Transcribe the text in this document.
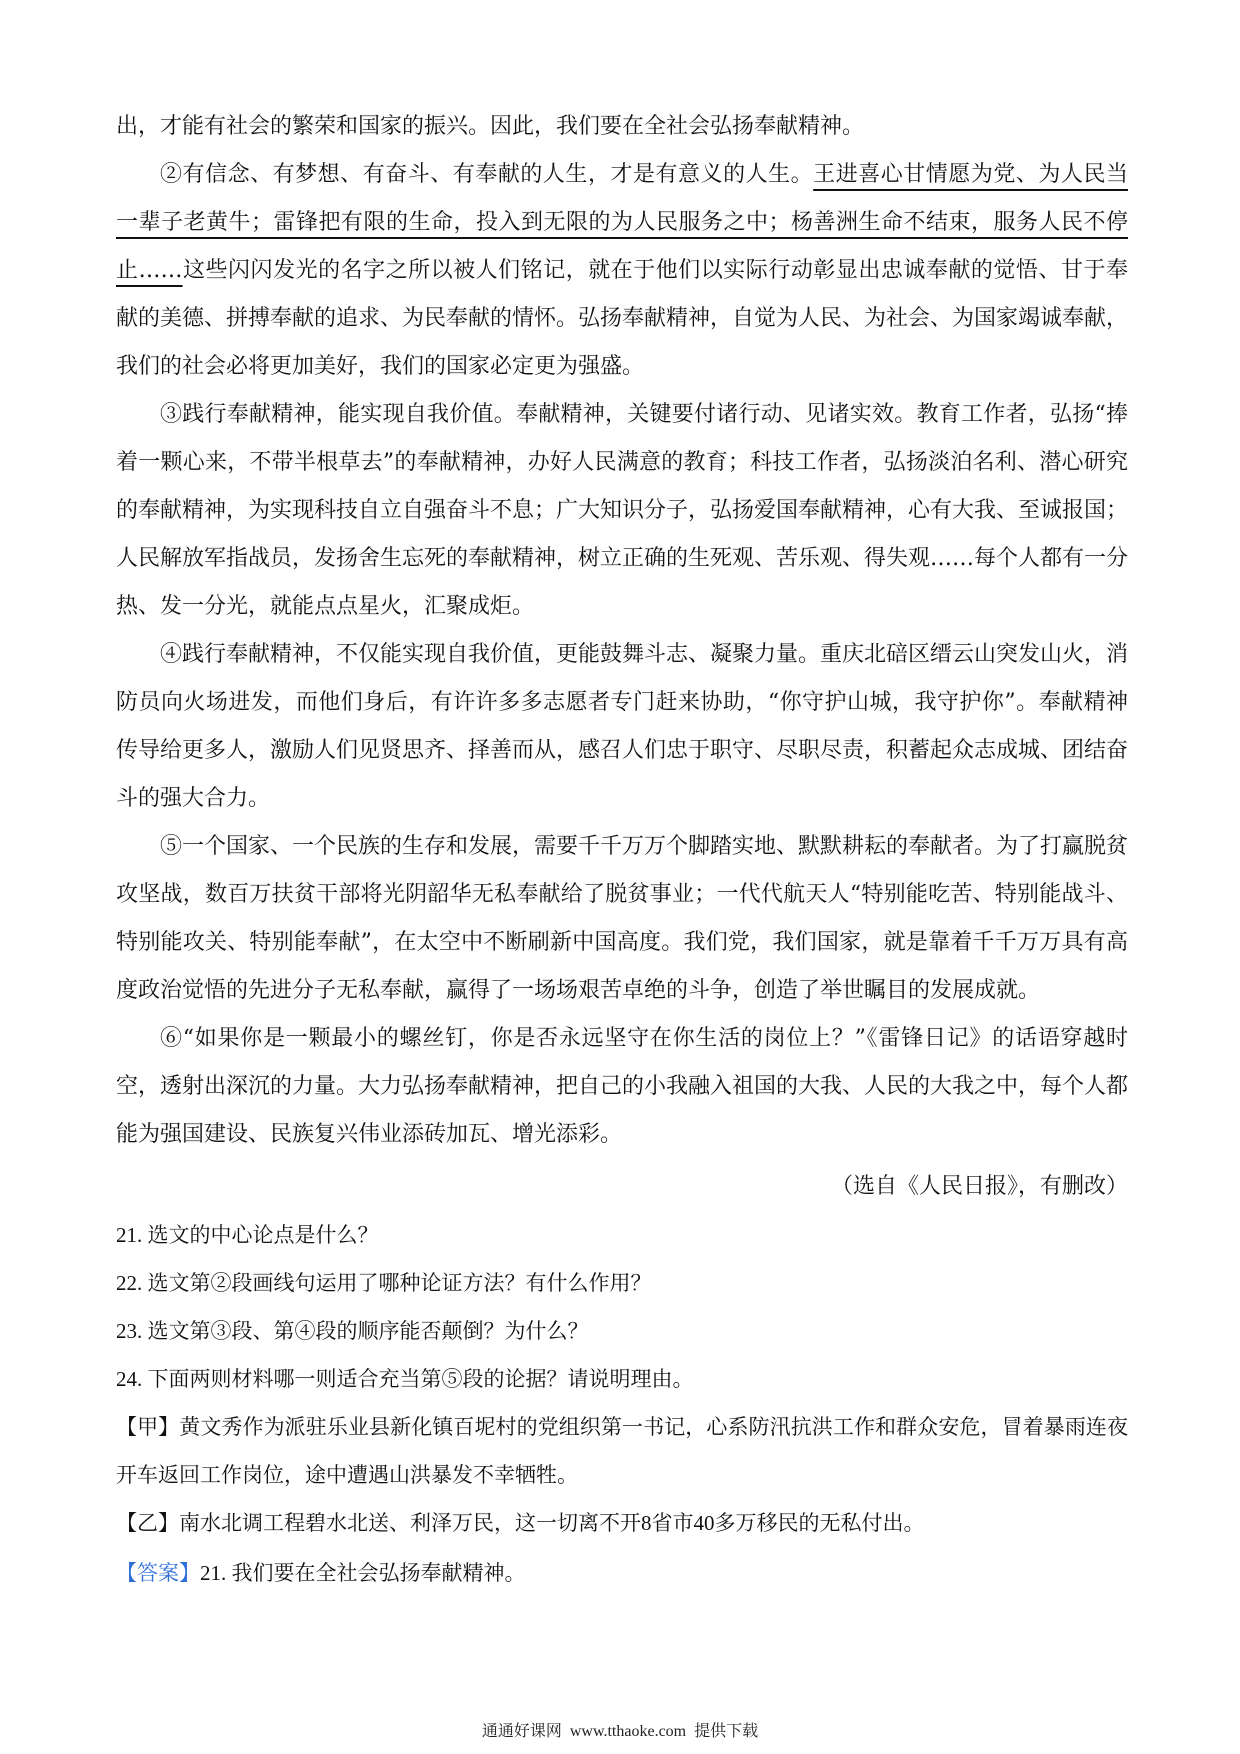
出，才能有社会的繁荣和国家的振兴。因此，我们要在全社会弘扬奉献精神。

②有信念、有梦想、有奋斗、有奉献的人生，才是有意义的人生。王进喜心甘情愿为党、为人民当一辈子老黄牛；雷锋把有限的生命，投入到无限的为人民服务之中；杨善洲生命不结束，服务人民不停止……这些闪闪发光的名字之所以被人们铭记，就在于他们以实际行动彰显出忠诚奉献的觉悟、甘于奉献的美德、拼搏奉献的追求、为民奉献的情怀。弘扬奉献精神，自觉为人民、为社会、为国家竭诚奉献，我们的社会必将更加美好，我们的国家必定更为强盛。

③践行奉献精神，能实现自我价值。奉献精神，关键要付诸行动、见诸实效。教育工作者，弘扬“捧着一颗心来，不带半根草去”的奉献精神，办好人民满意的教育；科技工作者，弘扬淡泊名利、潜心研究的奉献精神，为实现科技自立自强奋斗不息；广大知识分子，弘扬爱国奉献精神，心有大我、至诚报国；人民解放军指战员，发扬舍生忘死的奉献精神，树立正确的生死观、苦乐观、得失观……每个人都有一分热、发一分光，就能点点星火，汇聚成炬。

④践行奉献精神，不仅能实现自我价值，更能鼓舞斗志、凝聚力量。重庆北碚区缙云山突发山火，消防员向火场进发，而他们身后，有许许多多志愿者专门赶来协助，“你守护山城，我守护你”。奉献精神传导给更多人，激励人们见贤思齐、择善而从，感召人们忠于职守、尽职尽责，积蓄起众志成城、团结奋斗的强大合力。

⑤一个国家、一个民族的生存和发展，需要千千万万个脚踏实地、默默耕耘的奉献者。为了打赢脱贫攻坚战，数百万扶贫干部将光阴韶华无私奉献给了脱贫事业；一代代航天人“特别能吃苦、特别能战斗、特别能攻关、特别能奉献”，在太空中不断刷新中国高度。我们党，我们国家，就是靠着千千万万具有高度政治觉悟的先进分子无私奉献，赢得了一场场艰苦卓绝的斗争，创造了举世瞩目的发展成就。

⑥“如果你是一颗最小的螺丝钉，你是否永远坚守在你生活的岗位上？”《雷锋日记》的话语穿越时空，透射出深沉的力量。大力弘扬奉献精神，把自己的小我融入祖国的大我、人民的大我之中，每个人都能为强国建设、民族复兴伟业添砖加瓦、增光添彩。

（选自《人民日报》，有删改）

21. 选文的中心论点是什么？

22. 选文第②段画线句运用了哪种论证方法？有什么作用？

23. 选文第③段、第④段的顺序能否颠倒？为什么？

24. 下面两则材料哪一则适合充当第⑤段的论据？请说明理由。

【甲】黄文秀作为派驻乐业县新化镇百坭村的党组织第一书记，心系防汛抗洪工作和群众安危，冒着暴雨连夜开车返回工作岗位，途中遭遇山洪暴发不幸牺牲。

【乙】南水北调工程碧水北送、利泽万民，这一切离不开8省市40多万移民的无私付出。

【答案】21. 我们要在全社会弘扬奉献精神。

通通好课网 www.tthaoke.com 提供下载
